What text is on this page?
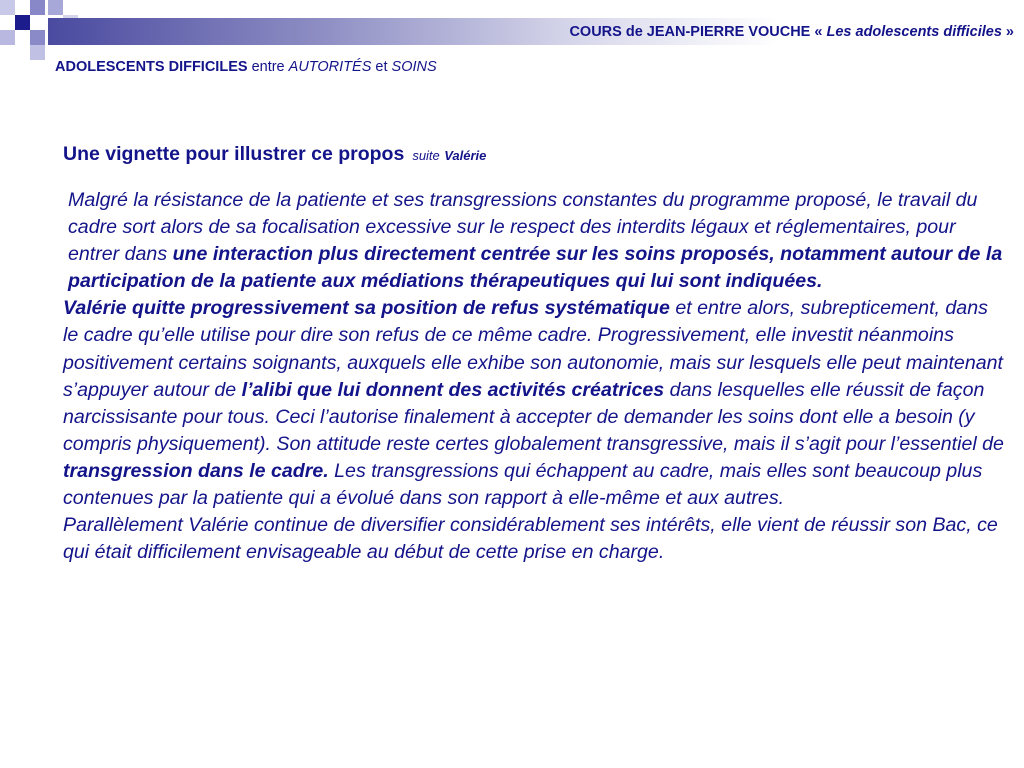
COURS de JEAN-PIERRE VOUCHE « Les adolescents difficiles »
ADOLESCENTS DIFFICILES entre AUTORITÉS et SOINS
Une vignette pour illustrer ce propos suite Valérie

Malgré la résistance de la patiente et ses transgressions constantes du programme proposé, le travail du cadre sort alors de sa focalisation excessive sur le respect des interdits légaux et réglementaires, pour entrer dans une interaction plus directement centrée sur les soins proposés, notamment autour de la participation de la patiente aux médiations thérapeutiques qui lui sont indiquées.

Valérie quitte progressivement sa position de refus systématique et entre alors, subrepticement, dans le cadre qu’elle utilise pour dire son refus de ce même cadre. Progressivement, elle investit néanmoins positivement certains soignants, auxquels elle exhibe son autonomie, mais sur lesquels elle peut maintenant s’appuyer autour de l’alibi que lui donnent des activités créatrices dans lesquelles elle réussit de façon narcissisante pour tous. Ceci l’autorise finalement à accepter de demander les soins dont elle a besoin (y compris physiquement). Son attitude reste certes globalement transgressive, mais il s’agit pour l’essentiel de transgression dans le cadre. Les transgressions qui échappent au cadre, mais elles sont beaucoup plus contenues par la patiente qui a évolué dans son rapport à elle-même et aux autres.

Parallèlement Valérie continue de diversifier considérablement ses intérêts, elle vient de réussir son Bac, ce qui était difficilement envisageable au début de cette prise en charge.
